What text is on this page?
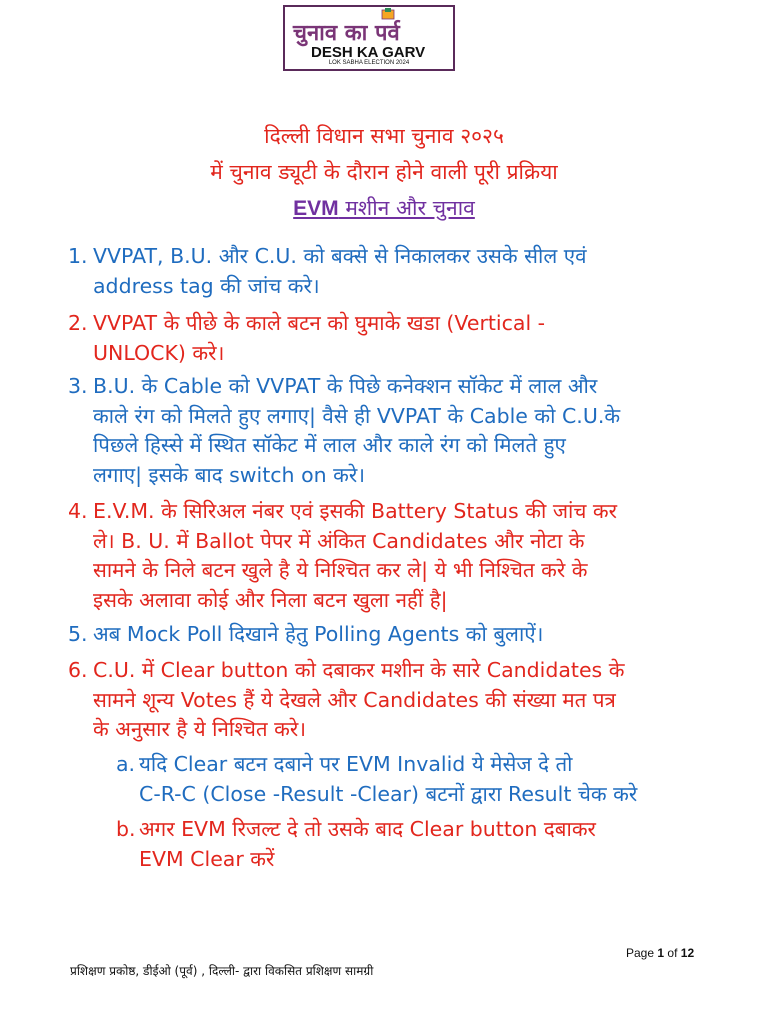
चुनाव का पर्व
DESH KA GARV
LOK SABHA ELECTION 2024
दिल्ली विधान सभा चुनाव २०२५
में चुनाव ड्यूटी के दौरान होने वाली पूरी प्रक्रिया
EVM मशीन और चुनाव
1. VVPAT, B.U. और C.U. को बक्से से निकालकर उसके सील एवं
address tag की जांच करे।
2. VVPAT के पीछे के काले बटन को घुमाके खडा (Vertical -
UNLOCK) करे।
3. B.U. के Cable को VVPAT के पिछे कनेक्शन सॉकेट में लाल और
काले रंग को मिलते हुए लगाए| वैसे ही VVPAT के Cable को C.U.के
पिछले हिस्से में स्थित सॉकेट में लाल और काले रंग को मिलते हुए
लगाए| इसके बाद switch on करे।
4. E.V.M. के सिरिअल नंबर एवं इसकी Battery Status की जांच कर
ले। B. U. में Ballot पेपर में अंकित Candidates और नोटा के
सामने के निले बटन खुले है ये निश्चित कर ले| ये भी निश्चित करे के
इसके अलावा कोई और निला बटन खुला नहीं है|
5. अब Mock Poll दिखाने हेतु Polling Agents को बुलाऐं।
6. C.U. में Clear button को दबाकर मशीन के सारे Candidates के
सामने शून्य Votes हैं ये देखले और Candidates की संख्या मत पत्र
के अनुसार है ये निश्चित करे।
a. यदि Clear बटन दबाने पर EVM Invalid ये मेसेज दे तो
C-R-C (Close -Result -Clear) बटनों द्वारा Result चेक करे
b. अगर EVM रिजल्ट दे तो उसके बाद Clear button दबाकर
EVM Clear करें
Page 1 of 12
प्रशिक्षण प्रकोष्ठ, डीईओ (पूर्व) , दिल्ली- द्वारा विकसित प्रशिक्षण सामग्री
